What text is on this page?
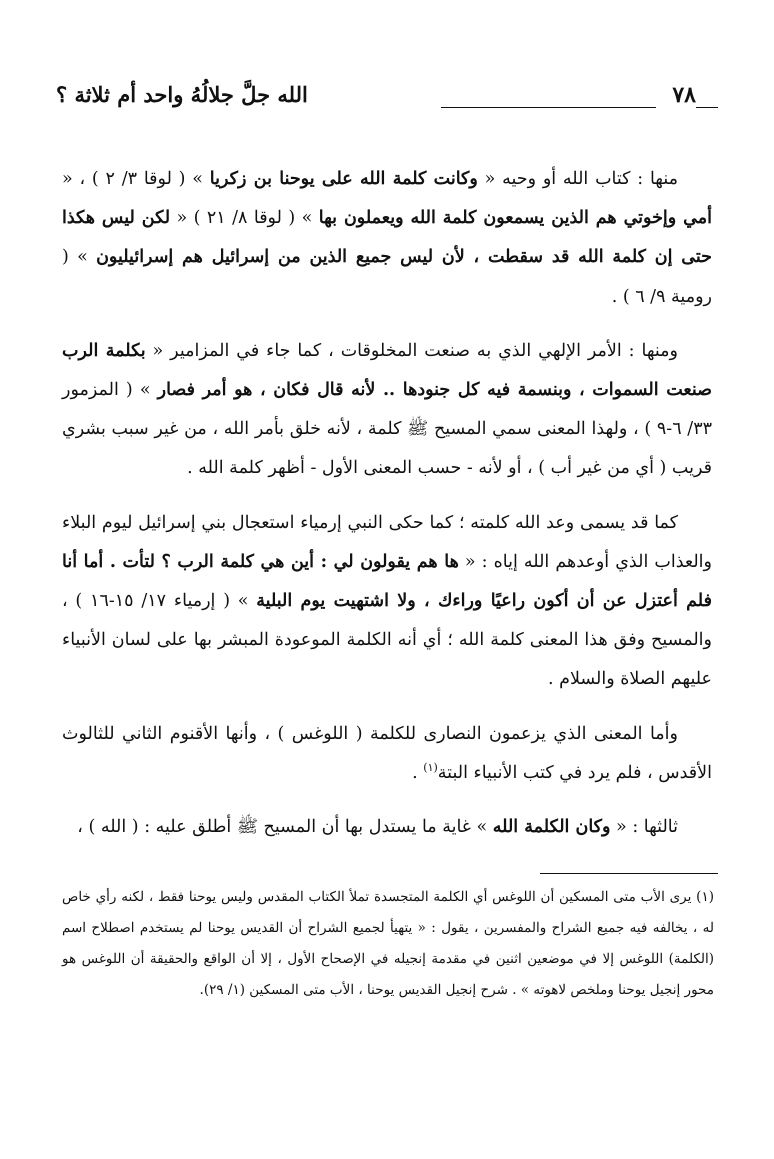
٧٨
الله جلَّ جلالُهُ واحد أم ثلاثة ؟

منها : كتاب الله أو وحيه « وكانت كلمة الله على يوحنا بن زكريا » ( لوقا ٣/ ٢ ) ، « أمي وإخوتي هم الذين يسمعون كلمة الله ويعملون بها » ( لوقا ٨/ ٢١ ) « لكن ليس هكذا حتى إن كلمة الله قد سقطت ، لأن ليس جميع الذين من إسرائيل هم إسرائيليون » ( رومية ٩/ ٦ ) .

ومنها : الأمر الإلهي الذي به صنعت المخلوقات ، كما جاء في المزامير « بكلمة الرب صنعت السموات ، وبنسمة فيه كل جنودها .. لأنه قال فكان ، هو أمر فصار » ( المزمور ٣٣/ ٦-٩ ) ، ولهذا المعنى سمي المسيح ﷺ كلمة ، لأنه خلق بأمر الله ، من غير سبب بشري قريب ( أي من غير أب ) ، أو لأنه - حسب المعنى الأول - أظهر كلمة الله .

كما قد يسمى وعد الله كلمته ؛ كما حكى النبي إرمياء استعجال بني إسرائيل ليوم البلاء والعذاب الذي أوعدهم الله إياه : « ها هم يقولون لي : أين هي كلمة الرب ؟ لتأت . أما أنا فلم أعتزل عن أن أكون راعيًا وراءك ، ولا اشتهيت يوم البلية » ( إرمياء ١٧/ ١٥-١٦ ) ، والمسيح وفق هذا المعنى كلمة الله ؛ أي أنه الكلمة الموعودة المبشر بها على لسان الأنبياء عليهم الصلاة والسلام .

وأما المعنى الذي يزعمون النصارى للكلمة ( اللوغس ) ، وأنها الأقنوم الثاني للثالوث الأقدس ، فلم يرد في كتب الأنبياء البتة$^{(١)}$ .

ثالثها : « وكان الكلمة الله » غاية ما يستدل بها أن المسيح ﷺ أطلق عليه : ( الله ) ،

(١) يرى الأب متى المسكين أن اللوغس أي الكلمة المتجسدة تملأ الكتاب المقدس وليس يوحنا فقط ، لكنه رأي خاص له ، يخالفه فيه جميع الشراح والمفسرين ، يقول : « يتهيأ لجميع الشراح أن القديس يوحنا لم يستخدم اصطلاح اسم (الكلمة) اللوغس إلا في موضعين اثنين في مقدمة إنجيله في الإصحاح الأول ، إلا أن الواقع والحقيقة أن اللوغس هو محور إنجيل يوحنا وملخص لاهوته » . شرح إنجيل القديس يوحنا ، الأب متى المسكين (١/ ٢٩).
